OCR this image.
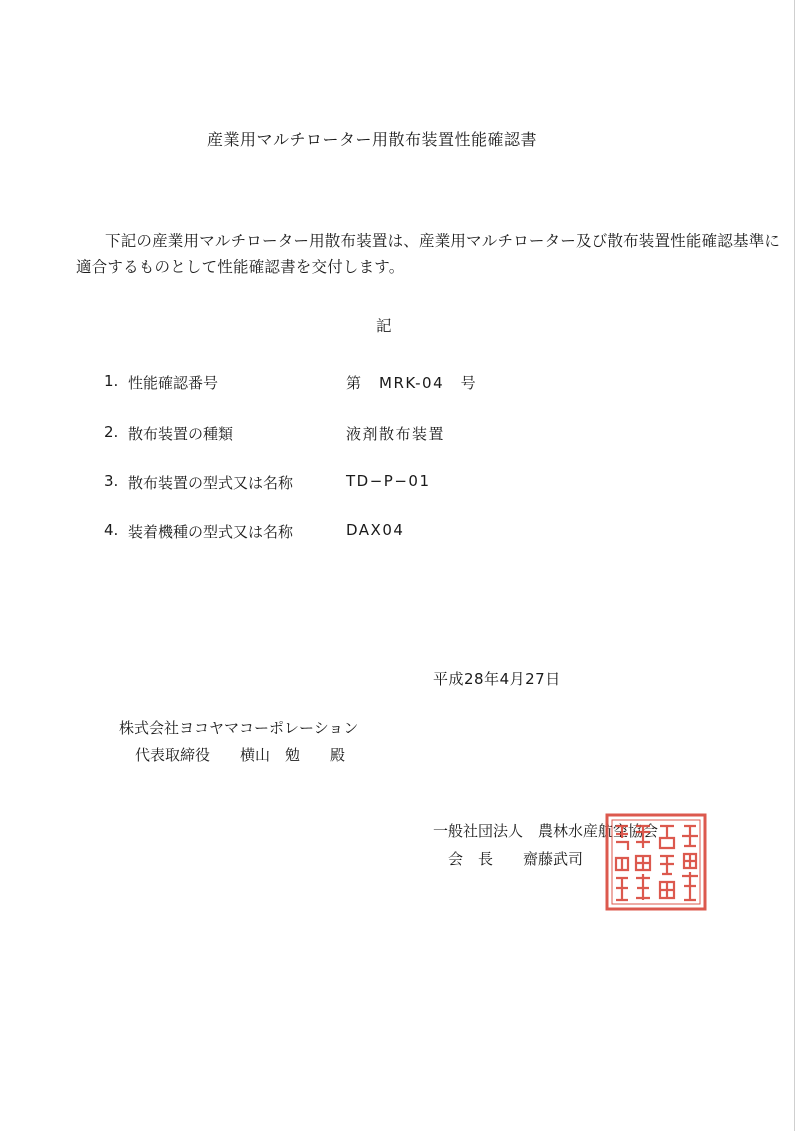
産業用マルチローター用散布装置性能確認書
下記の産業用マルチローター用散布装置は、産業用マルチローター及び散布装置性能確認基準に
適合するものとして性能確認書を交付します。
記
1. 性能確認番号	第　MRK-04　号
2. 散布装置の種類	液剤散布装置
3. 散布装置の型式又は名称	TD−P−01
4. 装着機種の型式又は名称	DAX04
平成28年4月27日
株式会社ヨコヤマコーポレーション
代表取締役　　横山　勉　　殿
一般社団法人　農林水産航空協会
会　長　　齋藤武司
